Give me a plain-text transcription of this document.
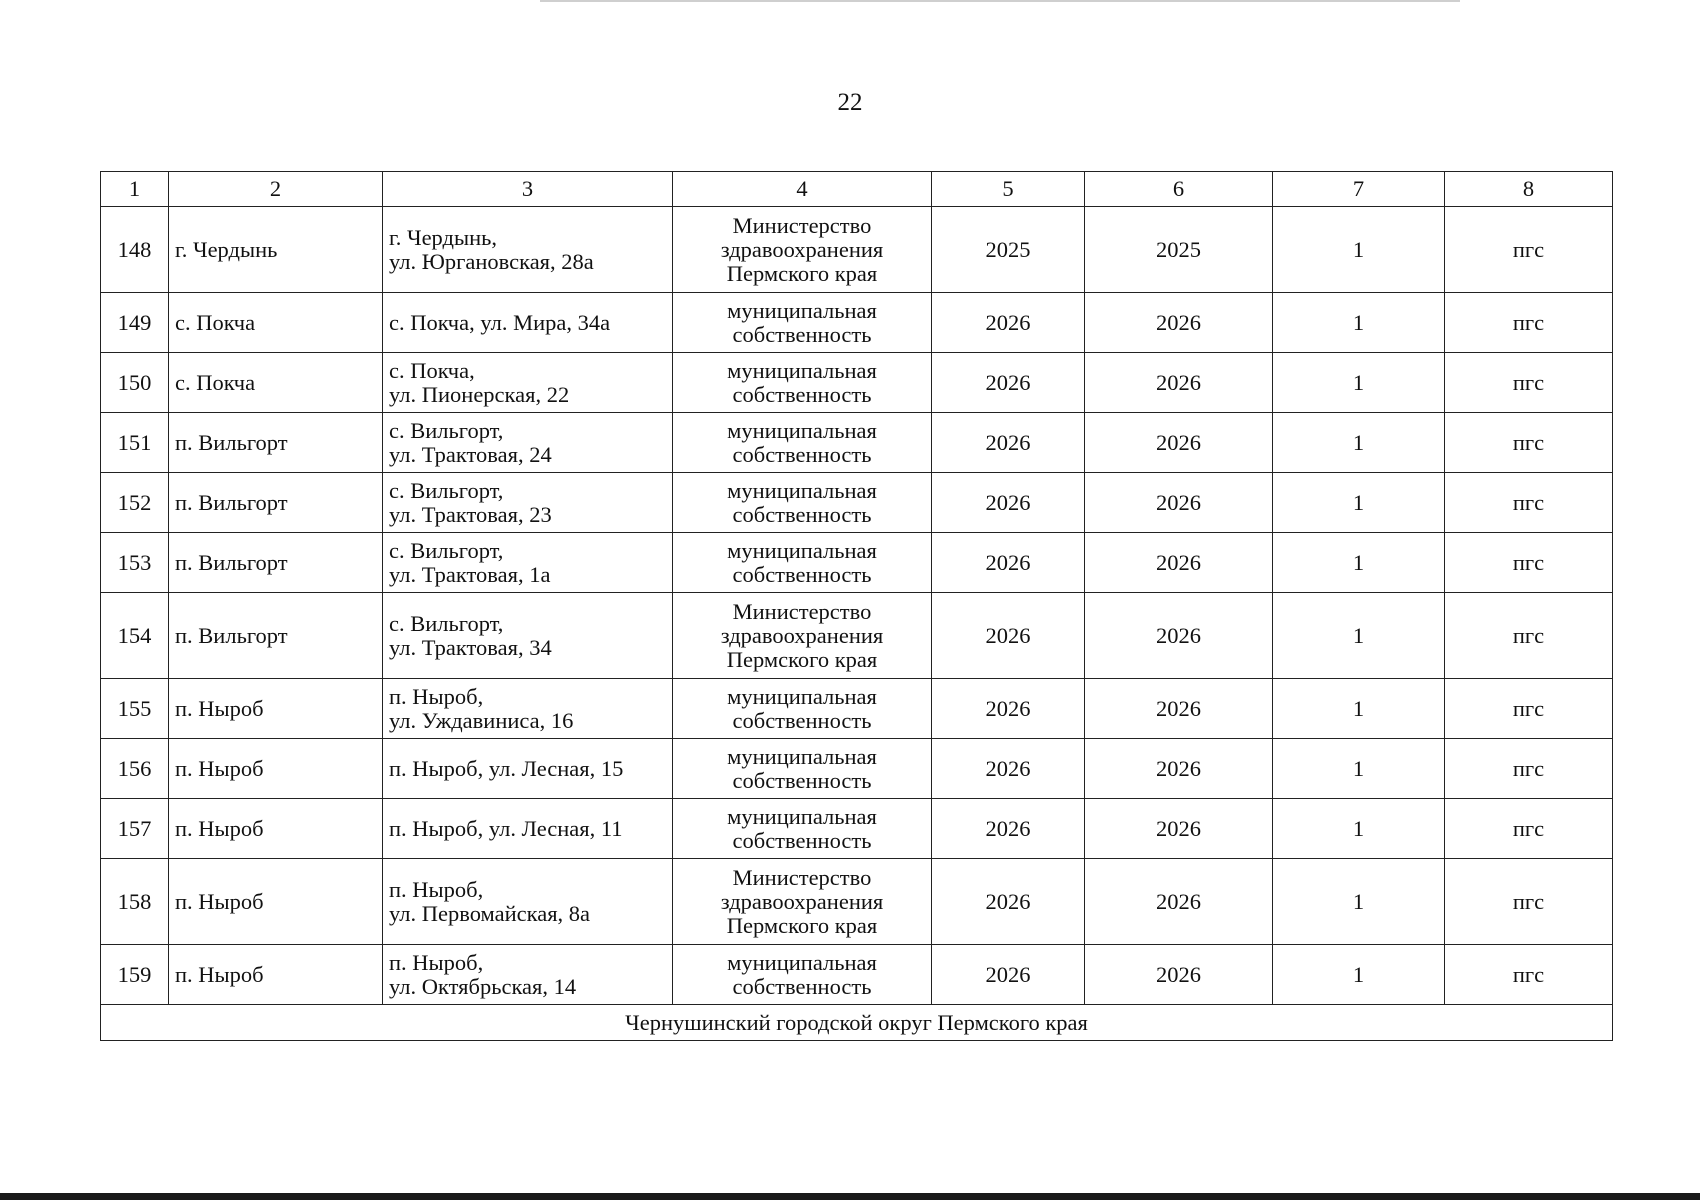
22
1	2	3	4	5	6	7	8
148	г. Чердынь	г. Чердынь,
ул. Юргановская, 28а	Министерство
здравоохранения
Пермского края	2025	2025	1	пгс
149	с. Покча	с. Покча, ул. Мира, 34а	муниципальная
собственность	2026	2026	1	пгс
150	с. Покча	с. Покча,
ул. Пионерская, 22	муниципальная
собственность	2026	2026	1	пгс
151	п. Вильгорт	с. Вильгорт,
ул. Трактовая, 24	муниципальная
собственность	2026	2026	1	пгс
152	п. Вильгорт	с. Вильгорт,
ул. Трактовая, 23	муниципальная
собственность	2026	2026	1	пгс
153	п. Вильгорт	с. Вильгорт,
ул. Трактовая, 1а	муниципальная
собственность	2026	2026	1	пгс
154	п. Вильгорт	с. Вильгорт,
ул. Трактовая, 34	Министерство
здравоохранения
Пермского края	2026	2026	1	пгс
155	п. Ныроб	п. Ныроб,
ул. Уждавиниса, 16	муниципальная
собственность	2026	2026	1	пгс
156	п. Ныроб	п. Ныроб, ул. Лесная, 15	муниципальная
собственность	2026	2026	1	пгс
157	п. Ныроб	п. Ныроб, ул. Лесная, 11	муниципальная
собственность	2026	2026	1	пгс
158	п. Ныроб	п. Ныроб,
ул. Первомайская, 8а	Министерство
здравоохранения
Пермского края	2026	2026	1	пгс
159	п. Ныроб	п. Ныроб,
ул. Октябрьская, 14	муниципальная
собственность	2026	2026	1	пгс
Чернушинский городской округ Пермского края							
